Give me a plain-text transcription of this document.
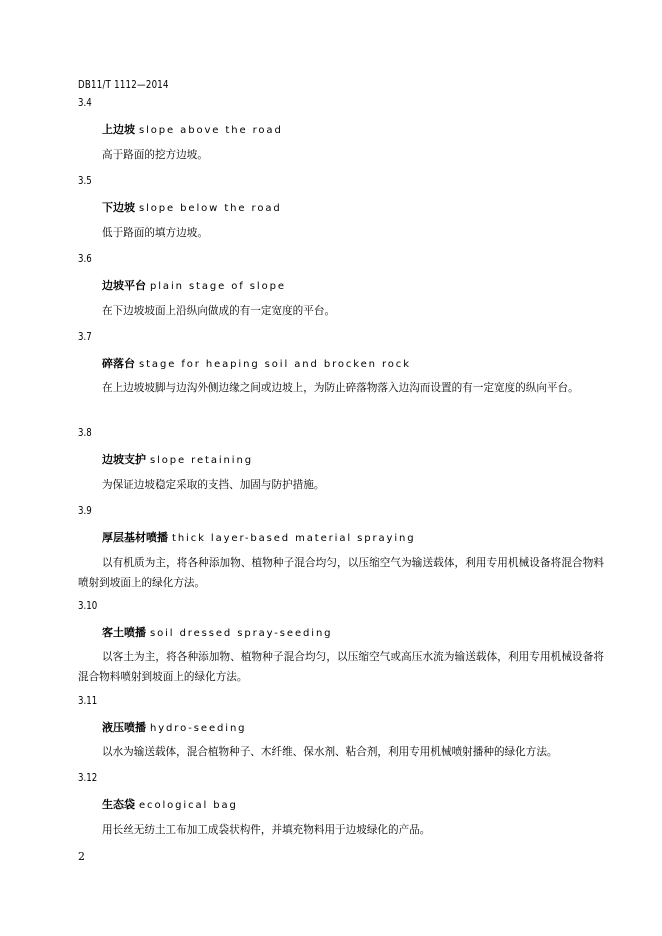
DB11/T 1112—2014
3.4
上边坡 slope above the road

高于路面的挖方边坡。

3.5
下边坡 slope below the road

低于路面的填方边坡。

3.6
边坡平台 plain stage of slope

在下边坡坡面上沿纵向做成的有一定宽度的平台。

3.7
碎落台 stage for heaping soil and brocken rock

在上边坡坡脚与边沟外侧边缘之间或边坡上，为防止碎落物落入边沟而设置的有一定宽度的纵向平台。

3.8
边坡支护 slope retaining

为保证边坡稳定采取的支挡、加固与防护措施。

3.9
厚层基材喷播 thick layer-based material spraying

以有机质为主，将各种添加物、植物种子混合均匀，以压缩空气为输送载体，利用专用机械设备将混合物料喷射到坡面上的绿化方法。

3.10
客土喷播 soil dressed spray-seeding

以客土为主，将各种添加物、植物种子混合均匀，以压缩空气或高压水流为输送载体，利用专用机械设备将混合物料喷射到坡面上的绿化方法。

3.11
液压喷播 hydro-seeding

以水为输送载体，混合植物种子、木纤维、保水剂、粘合剂，利用专用机械喷射播种的绿化方法。

3.12
生态袋 ecological bag

用长丝无纺土工布加工成袋状构件，并填充物料用于边坡绿化的产品。

2
